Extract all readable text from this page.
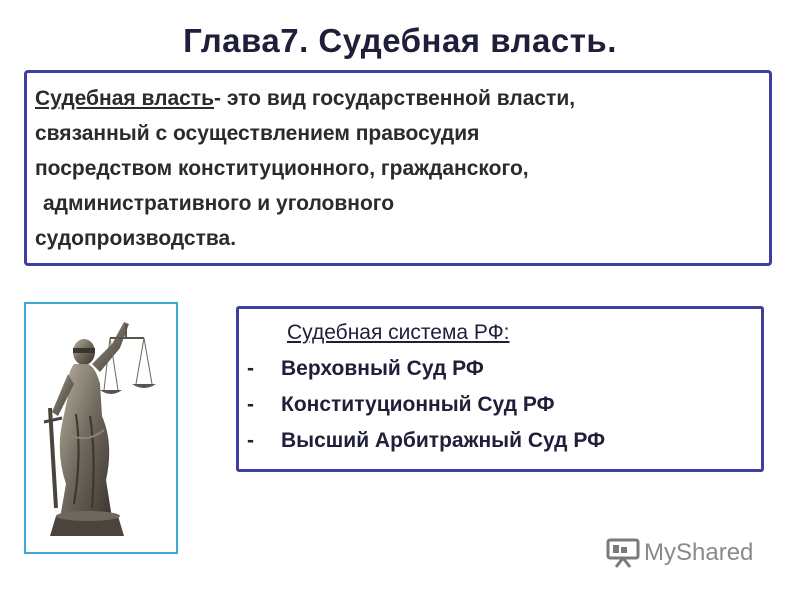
Глава7. Судебная власть.
Судебная власть- это вид государственной власти,
связанный с осуществлением правосудия
посредством конституционного, гражданского,
административного и уголовного
судопроизводства.
Судебная система РФ:
- Верховный Суд РФ
- Конституционный Суд РФ
- Высший Арбитражный Суд РФ
MyShared
